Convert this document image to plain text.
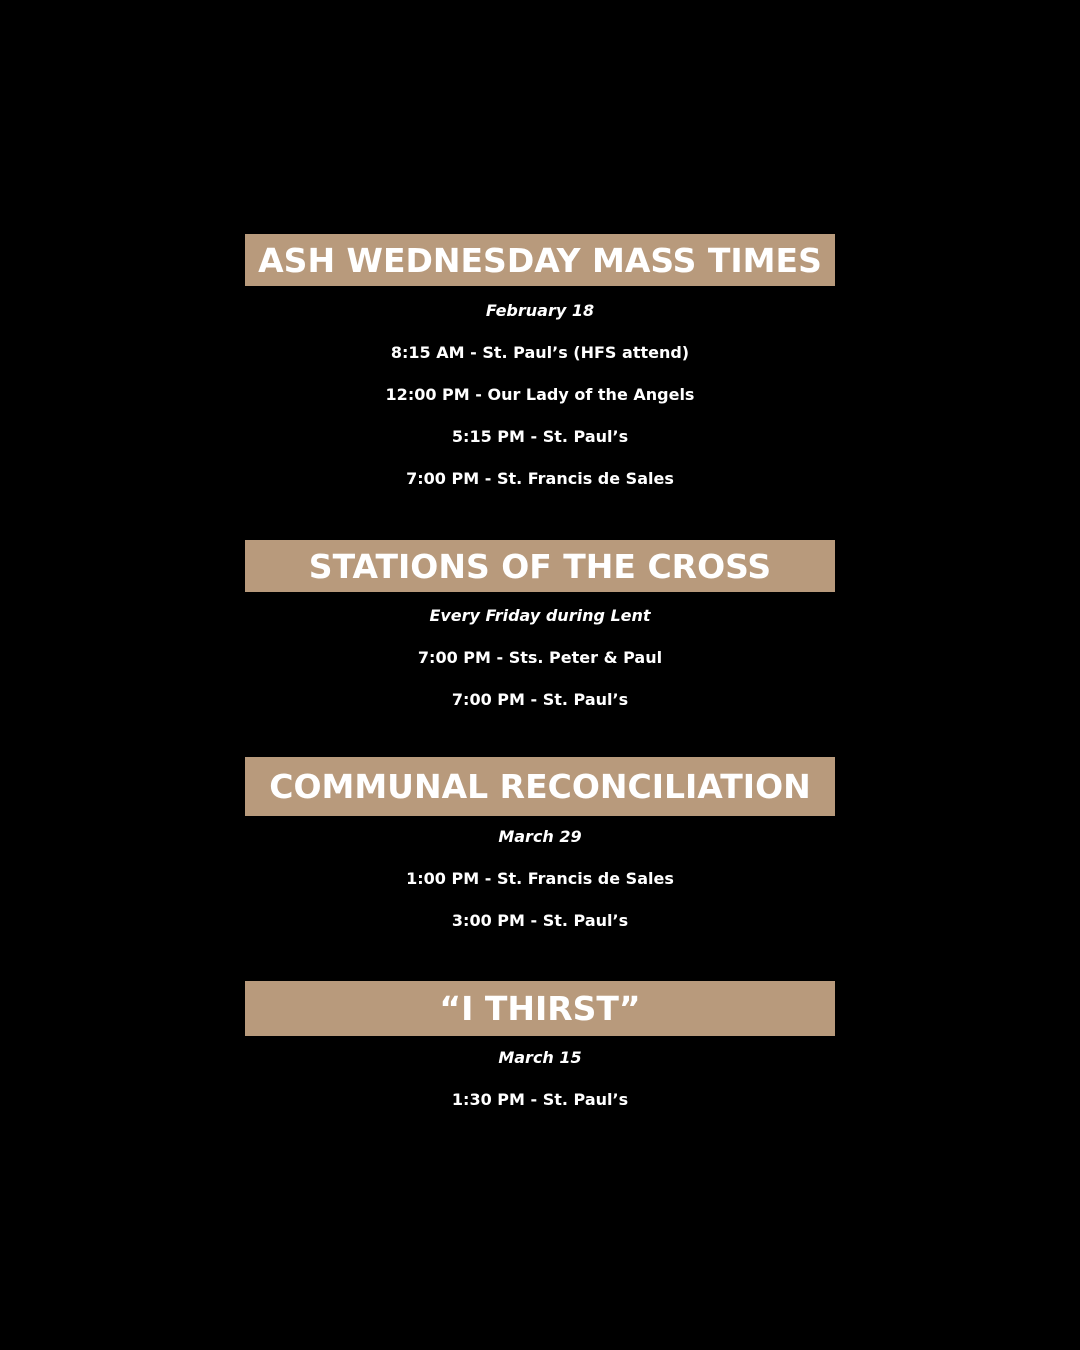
ASH WEDNESDAY MASS TIMES
February 18
8:15 AM - St. Paul’s (HFS attend)
12:00 PM - Our Lady of the Angels
5:15 PM - St. Paul’s
7:00 PM - St. Francis de Sales
STATIONS OF THE CROSS
Every Friday during Lent
7:00 PM - Sts. Peter & Paul
7:00 PM - St. Paul’s
COMMUNAL RECONCILIATION
March 29
1:00 PM - St. Francis de Sales
3:00 PM - St. Paul’s
“I THIRST”
March 15
1:30 PM - St. Paul’s
